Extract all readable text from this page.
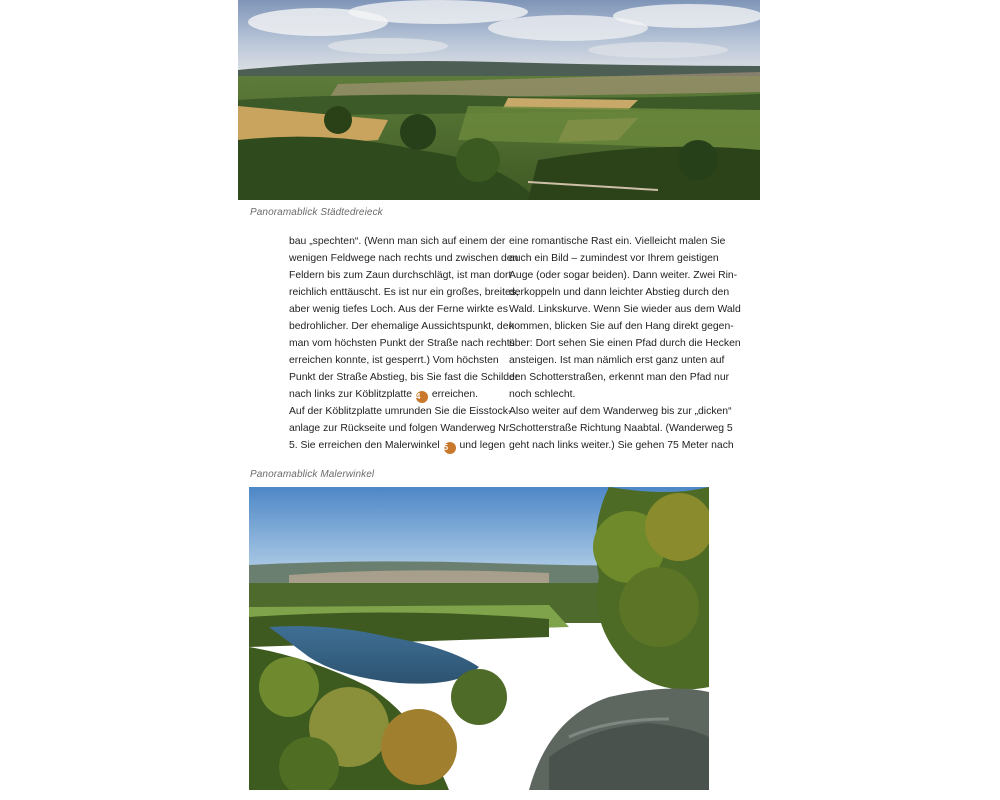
Panoramablick Städtedreieck
bau „spechten“. (Wenn man sich auf einem der
wenigen Feldwege nach rechts und zwischen den
Feldern bis zum Zaun durchschlägt, ist man dort
reichlich enttäuscht. Es ist nur ein großes, breites,
aber wenig tiefes Loch. Aus der Ferne wirkte es
bedrohlicher. Der ehemalige Aussichtspunkt, den
man vom höchsten Punkt der Straße nach rechts
erreichen konnte, ist gesperrt.) Vom höchsten
Punkt der Straße Abstieg, bis Sie fast die Schilder
nach links zur Köblitzplatte 4 erreichen.
Auf der Köblitzplatte umrunden Sie die Eisstock-
anlage zur Rückseite und folgen Wanderweg Nr.
5. Sie erreichen den Malerwinkel 5 und legen
eine romantische Rast ein. Vielleicht malen Sie
auch ein Bild – zumindest vor Ihrem geistigen
Auge (oder sogar beiden). Dann weiter. Zwei Rin-
derkoppeln und dann leichter Abstieg durch den
Wald. Linkskurve. Wenn Sie wieder aus dem Wald
kommen, blicken Sie auf den Hang direkt gegen-
über: Dort sehen Sie einen Pfad durch die Hecken
ansteigen. Ist man nämlich erst ganz unten auf
den Schotterstraßen, erkennt man den Pfad nur
noch schlecht.
Also weiter auf dem Wanderweg bis zur „dicken“
Schotterstraße Richtung Naabtal. (Wanderweg 5
geht nach links weiter.) Sie gehen 75 Meter nach
Panoramablick Malerwinkel
